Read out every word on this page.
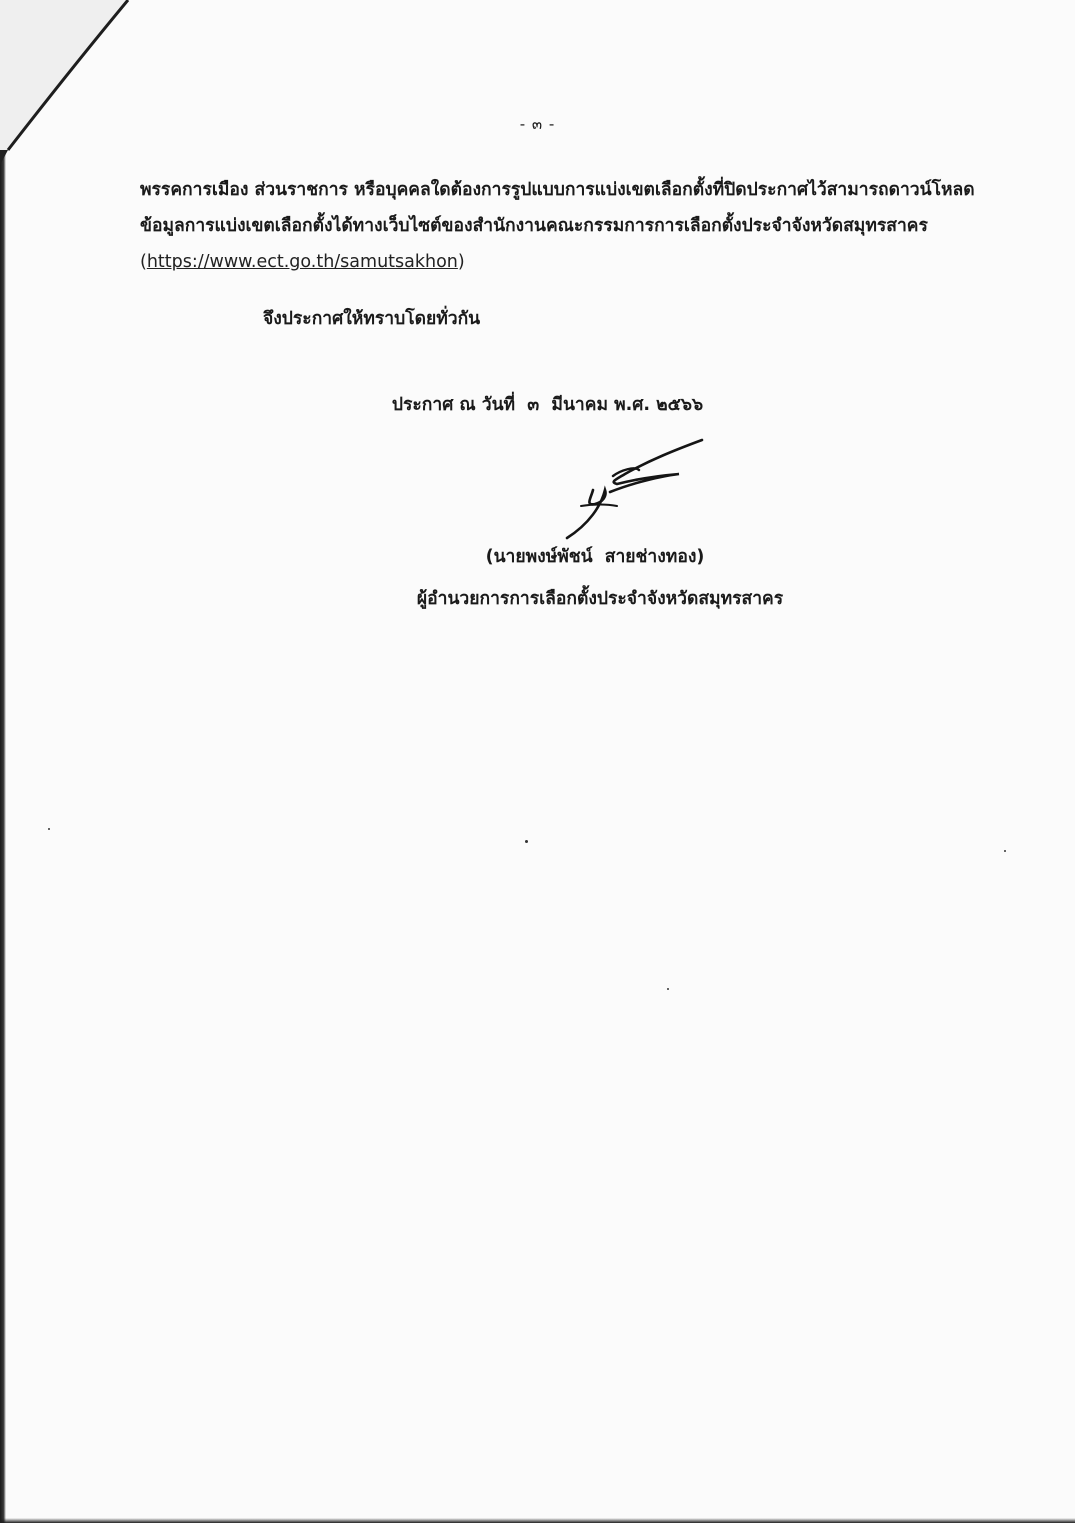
- ๓ -
พรรคการเมือง ส่วนราชการ หรือบุคคลใดต้องการรูปแบบการแบ่งเขตเลือกตั้งที่ปิดประกาศไว้สามารถดาวน์โหลด
ข้อมูลการแบ่งเขตเลือกตั้งได้ทางเว็บไซต์ของสำนักงานคณะกรรมการการเลือกตั้งประจำจังหวัดสมุทรสาคร
(https://www.ect.go.th/samutsakhon)
จึงประกาศให้ทราบโดยทั่วกัน
ประกาศ ณ วันที่  ๓  มีนาคม พ.ศ. ๒๕๖๖
(นายพงษ์พัชน์  สายช่างทอง)
ผู้อำนวยการการเลือกตั้งประจำจังหวัดสมุทรสาคร
